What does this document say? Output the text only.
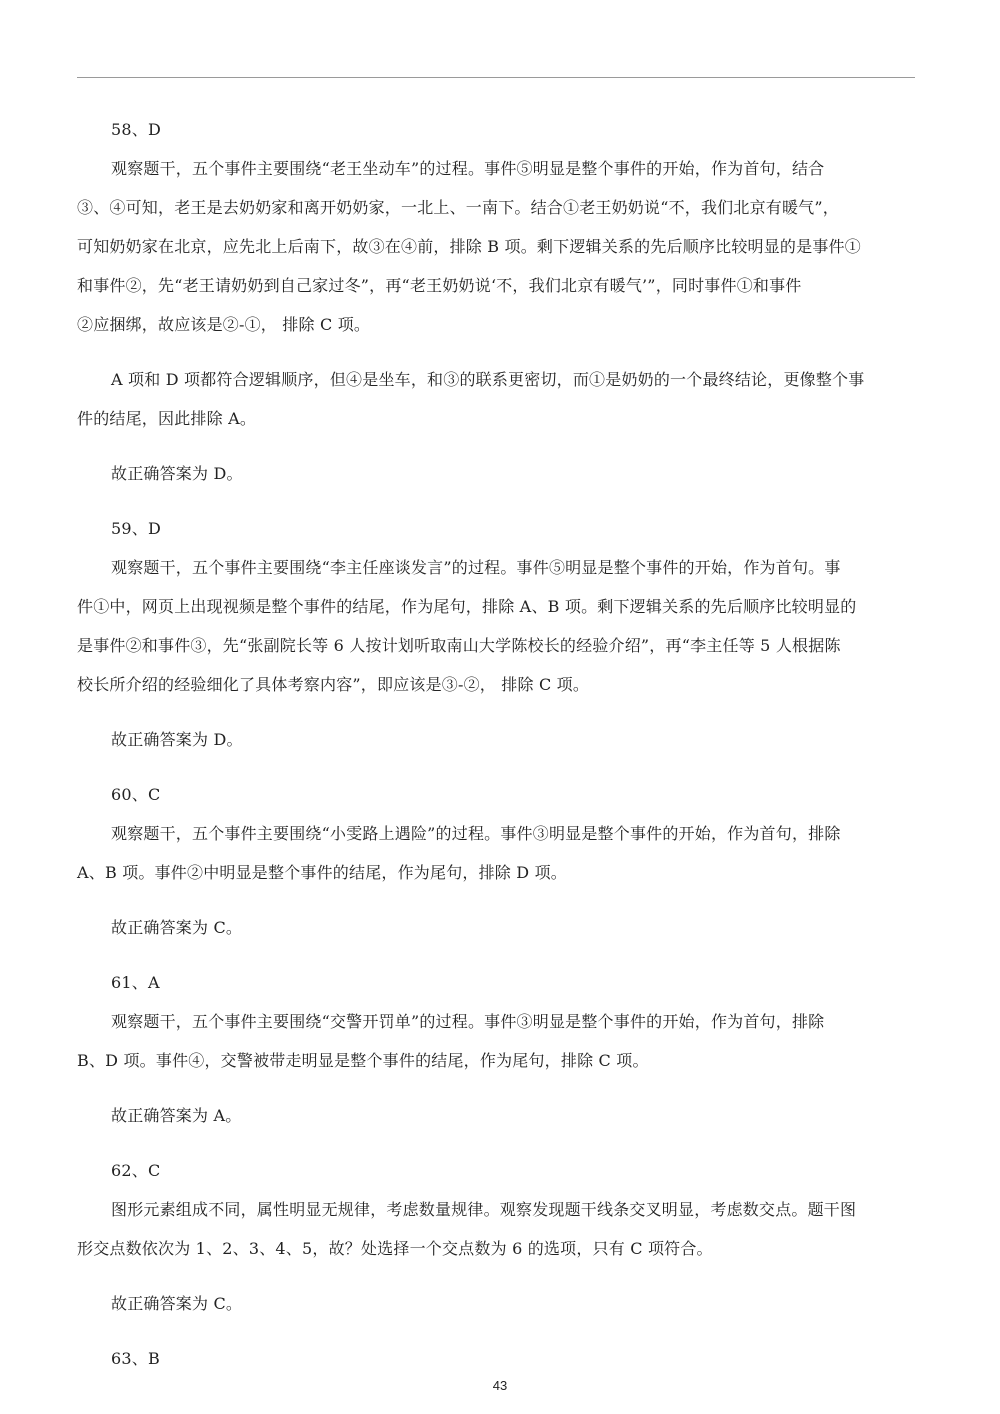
58、D
观察题干，五个事件主要围绕“老王坐动车”的过程。事件⑤明显是整个事件的开始，作为首句，结合
③、④可知，老王是去奶奶家和离开奶奶家，一北上、一南下。结合①老王奶奶说“不，我们北京有暖气”，
可知奶奶家在北京，应先北上后南下，故③在④前，排除 B 项。剩下逻辑关系的先后顺序比较明显的是事件①
和事件②，先“老王请奶奶到自己家过冬”，再“老王奶奶说‘不，我们北京有暖气’”，同时事件①和事件
②应捆绑，故应该是②-①， 排除 C 项。
A 项和 D 项都符合逻辑顺序，但④是坐车，和③的联系更密切，而①是奶奶的一个最终结论，更像整个事
件的结尾，因此排除 A。
故正确答案为 D。
59、D
观察题干，五个事件主要围绕“李主任座谈发言”的过程。事件⑤明显是整个事件的开始，作为首句。事
件①中，网页上出现视频是整个事件的结尾，作为尾句，排除 A、B 项。剩下逻辑关系的先后顺序比较明显的
是事件②和事件③，先“张副院长等 6 人按计划听取南山大学陈校长的经验介绍”，再“李主任等 5 人根据陈
校长所介绍的经验细化了具体考察内容”，即应该是③-②， 排除 C 项。
故正确答案为 D。
60、C
观察题干，五个事件主要围绕“小雯路上遇险”的过程。事件③明显是整个事件的开始，作为首句，排除
A、B 项。事件②中明显是整个事件的结尾，作为尾句，排除 D 项。
故正确答案为 C。
61、A
观察题干，五个事件主要围绕“交警开罚单”的过程。事件③明显是整个事件的开始，作为首句，排除
B、D 项。事件④，交警被带走明显是整个事件的结尾，作为尾句，排除 C 项。
故正确答案为 A。
62、C
图形元素组成不同，属性明显无规律，考虑数量规律。观察发现题干线条交叉明显，考虑数交点。题干图
形交点数依次为 1、2、3、4、5，故？处选择一个交点数为 6 的选项，只有 C 项符合。
故正确答案为 C。
63、B
43
